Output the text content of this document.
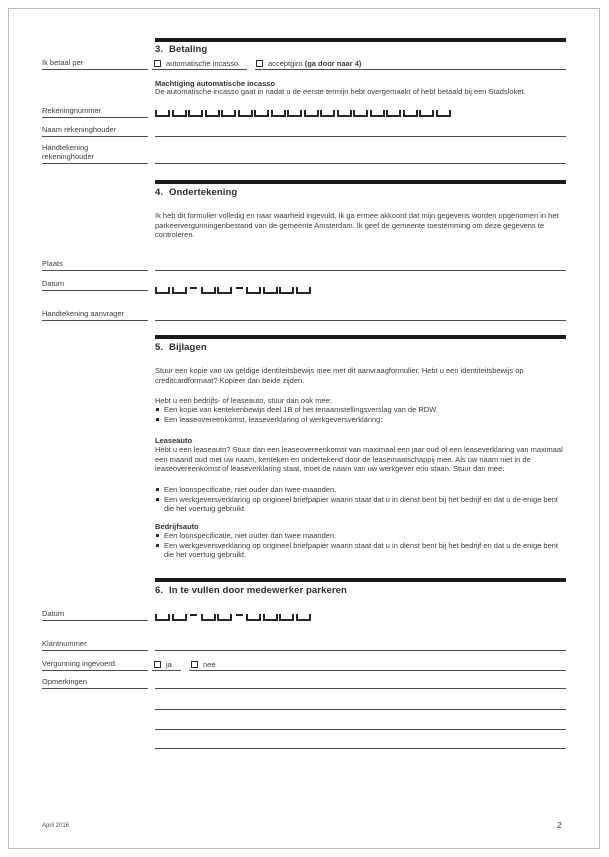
3. Betaling
Ik betaal per	automatische incasso	acceptgiro (ga door naar 4)
Machtiging automatische incasso
De automatische incasso gaat in nadat u de eerste termijn hebt overgemaakt of hebt betaald bij een Stadsloket.
Rekeningnummer
Naam rekeninghouder
Handtekening
rekeninghouder
4. Ondertekening
Ik heb dit formulier volledig en naar waarheid ingevuld. Ik ga ermee akkoord dat mijn gegevens worden opgenomen in het parkeervergunningenbestand van de gemeente Amsterdam. Ik geef de gemeente toestemming om deze gegevens te controleren.
Plaats
Datum
Handtekening aanvrager
5. Bijlagen
Stuur een kopie van uw geldige identiteitsbewijs mee met dit aanvraagformulier. Hebt u een identiteitsbewijs op creditcardformaat? Kopieer dan beide zijden.
Hebt u een bedrijfs- of leaseauto, stuur dan ook mee:
Een kopie van kentekenbewijs deel 1B of het tenaamstellingsverslag van de RDW.
Een leaseovereenkomst, leaseverklaring of werkgeversverklaring:
Leaseauto
Hebt u een leaseauto? Stuur dan een leaseovereenkomst van maximaal een jaar oud of een leaseverklaring van maximaal een maand oud met uw naam, kenteken en ondertekend door de leasemaatschappij mee. Als uw naam niet in de leaseovereenkomst of leaseverklaring staat, moet de naam van uw werkgever erin staan. Stuur dan mee:
Een loonspecificatie, niet ouder dan twee maanden.
Een werkgeversverklaring op origineel briefpapier waarin staat dat u in dienst bent bij het bedrijf en dat u de enige bent die het voertuig gebruikt.
Bedrijfsauto
Een loonspecificatie, niet ouder dan twee maanden.
Een werkgeversverklaring op origineel briefpapier waarin staat dat u in dienst bent bij het bedrijf en dat u de enige bent die het voertuig gebruikt.
6. In te vullen door medewerker parkeren
Datum
Klantnummer
Vergunning ingevoerd	ja	nee
Opmerkingen
April 2016	2
